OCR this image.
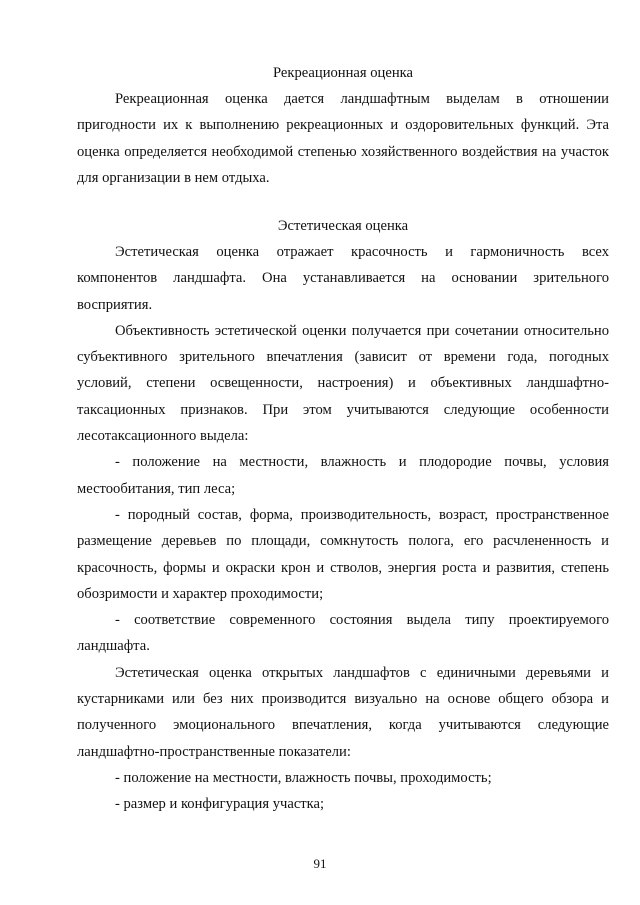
Рекреационная оценка

Рекреационная оценка дается ландшафтным выделам в отношении пригодности их к выполнению рекреационных и оздоровительных функций. Эта оценка определяется необходимой степенью хозяйственного воздействия на участок для организации в нем отдыха.

Эстетическая оценка

Эстетическая оценка отражает красочность и гармоничность всех компонентов ландшафта. Она устанавливается на основании зрительного восприятия.

Объективность эстетической оценки получается при сочетании относительно субъективного зрительного впечатления (зависит от времени года, погодных условий, степени освещенности, настроения) и объективных ландшафтно-таксационных признаков. При этом учитываются следующие особенности лесотаксационного выдела:

- положение на местности, влажность и плодородие почвы, условия местообитания, тип леса;

- породный состав, форма, производительность, возраст, пространственное размещение деревьев по площади, сомкнутость полога, его расчлененность и красочность, формы и окраски крон и стволов, энергия роста и развития, степень обозримости и характер проходимости;

- соответствие современного состояния выдела типу проектируемого ландшафта.

Эстетическая оценка открытых ландшафтов с единичными деревьями и кустарниками или без них производится визуально на основе общего обзора и полученного эмоционального впечатления, когда учитываются следующие ландшафтно-пространственные показатели:

- положение на местности, влажность почвы, проходимость;

- размер и конфигурация участка;

91
